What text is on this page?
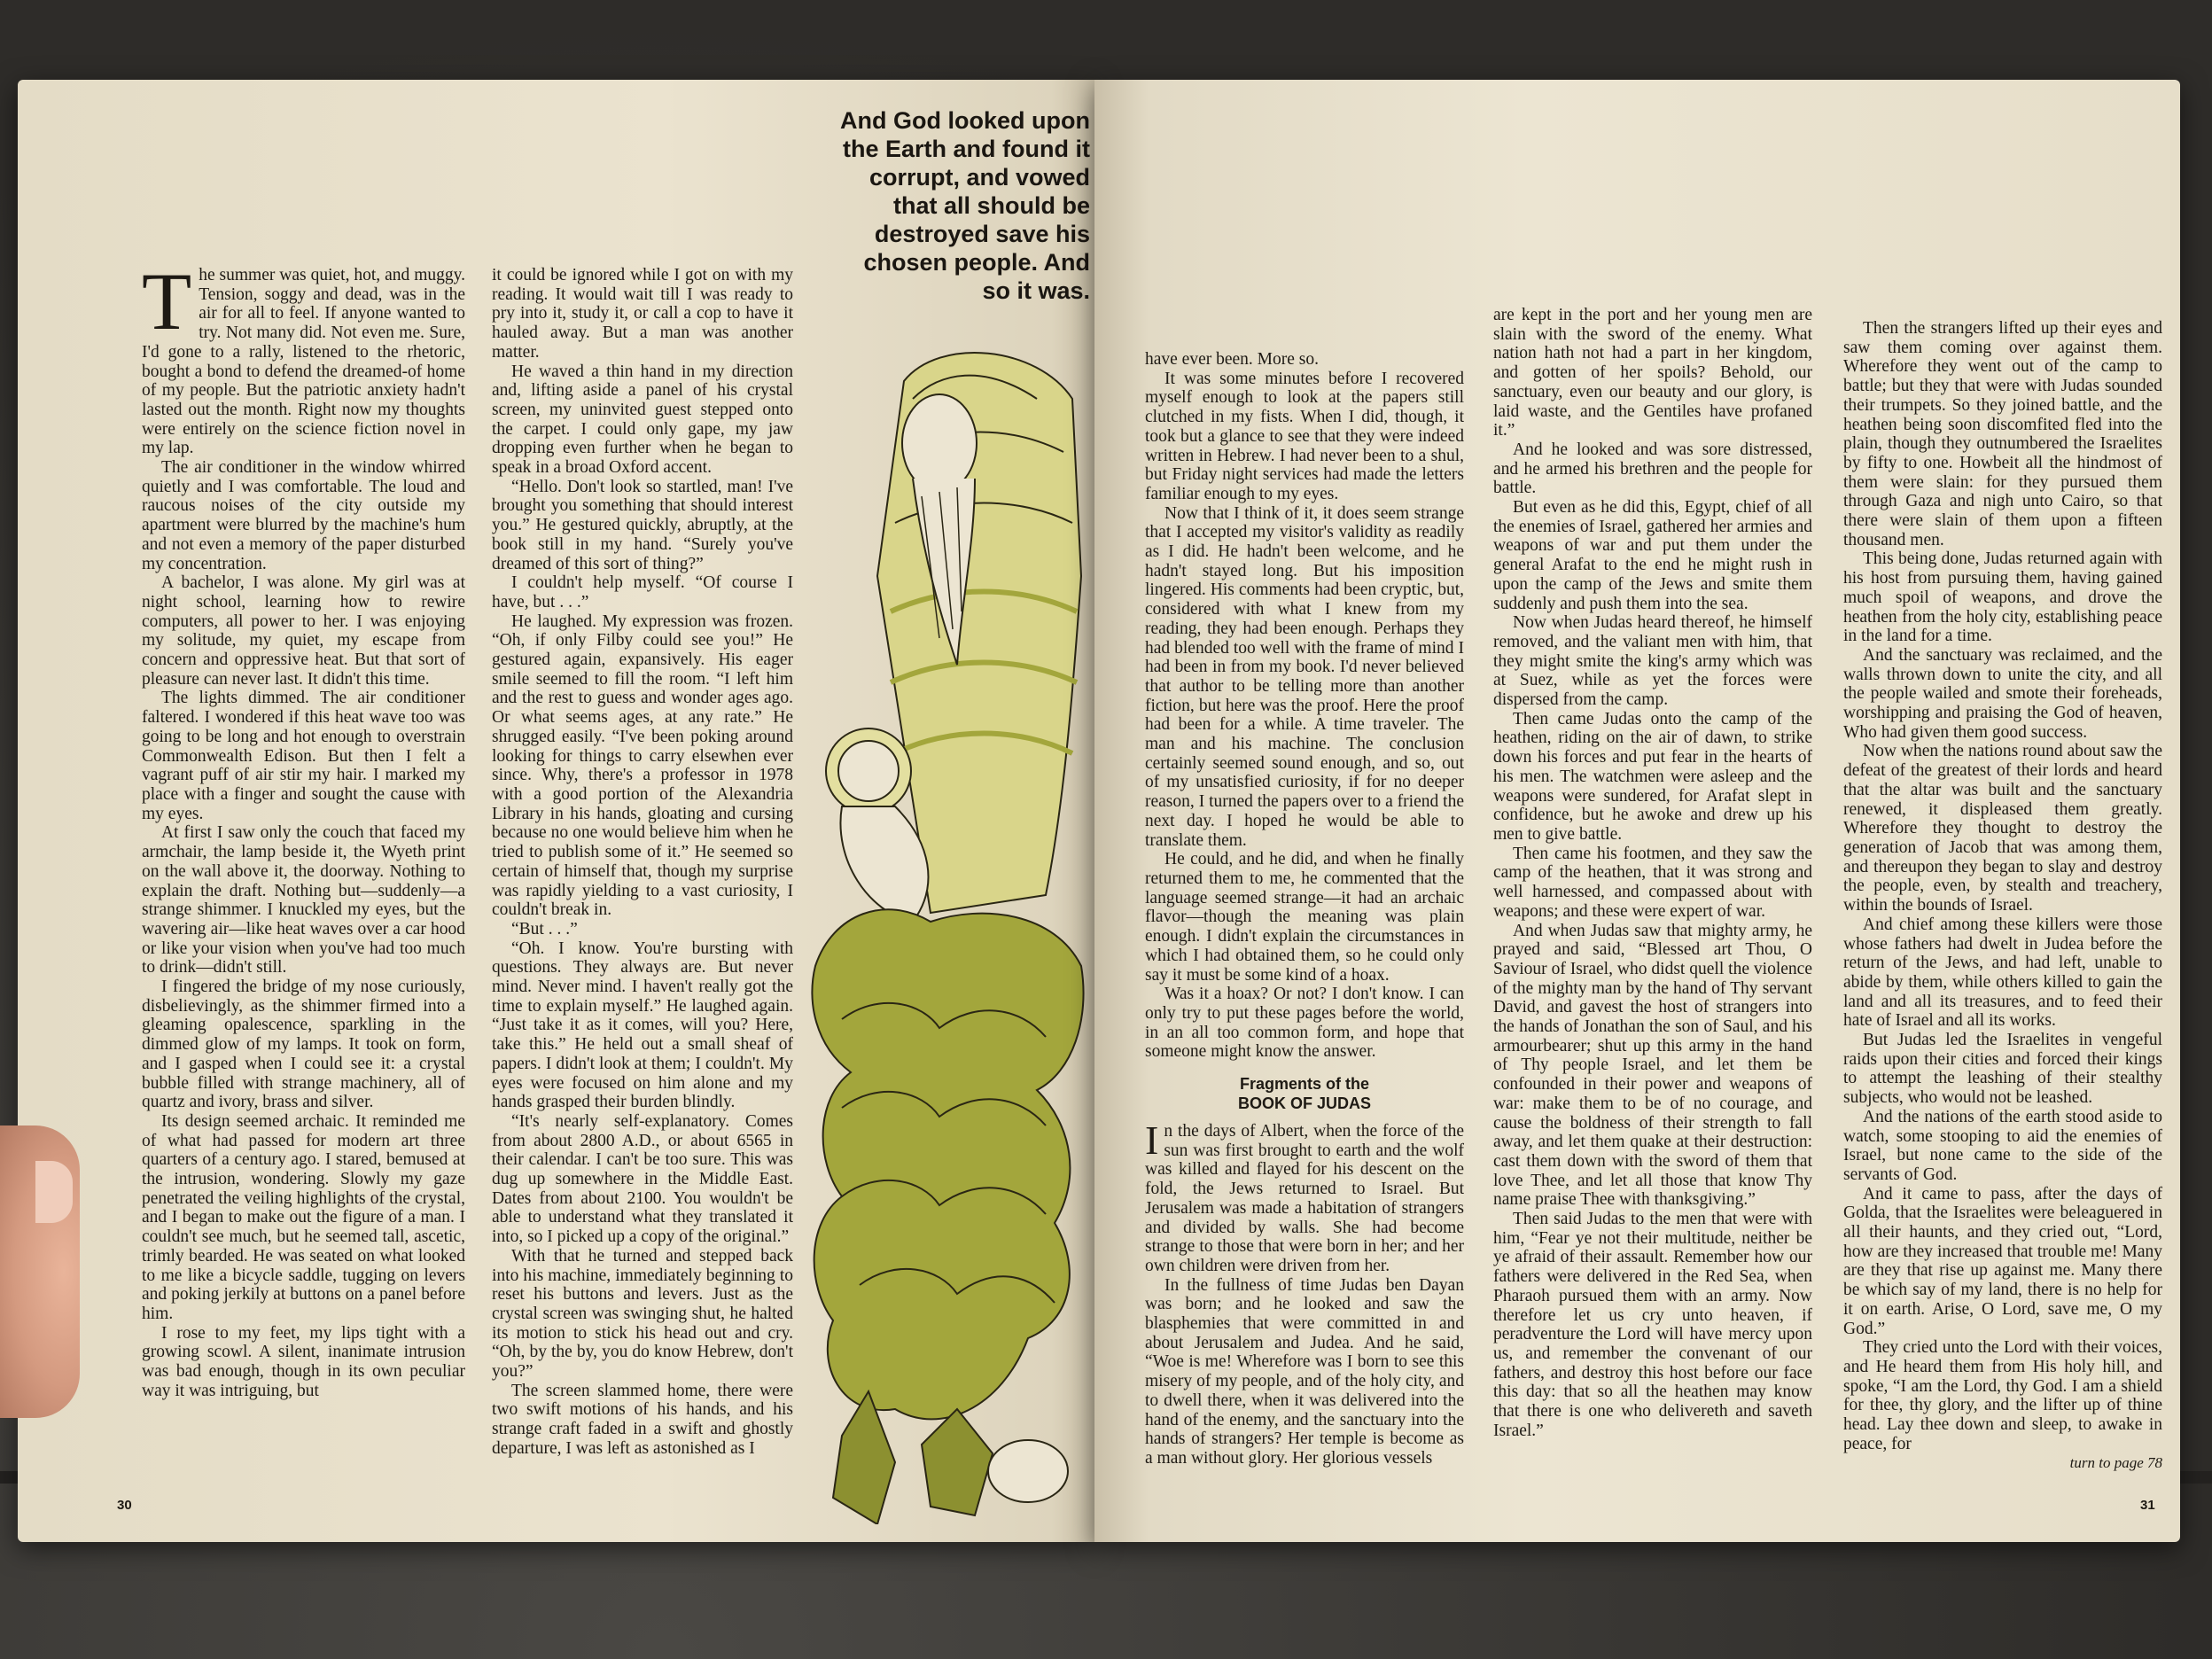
The summer was quiet, hot, and muggy. Tension, soggy and dead, was in the air for all to feel. If anyone wanted to try. Not many did. Not even me. Sure, I'd gone to a rally, listened to the rhetoric, bought a bond to defend the dreamed-of home of my people. But the patriotic anxiety hadn't lasted out the month. Right now my thoughts were entirely on the science fiction novel in my lap.

The air conditioner in the window whirred quietly and I was comfortable. The loud and raucous noises of the city outside my apartment were blurred by the machine's hum and not even a memory of the paper disturbed my concentration.

A bachelor, I was alone. My girl was at night school, learning how to rewire computers, all power to her. I was enjoying my solitude, my quiet, my escape from concern and oppressive heat. But that sort of pleasure can never last. It didn't this time.

The lights dimmed. The air conditioner faltered. I wondered if this heat wave too was going to be long and hot enough to overstrain Commonwealth Edison. But then I felt a vagrant puff of air stir my hair. I marked my place with a finger and sought the cause with my eyes.

At first I saw only the couch that faced my armchair, the lamp beside it, the Wyeth print on the wall above it, the doorway. Nothing to explain the draft. Nothing but—suddenly—a strange shimmer. I knuckled my eyes, but the wavering air—like heat waves over a car hood or like your vision when you've had too much to drink—didn't still.

I fingered the bridge of my nose curiously, disbelievingly, as the shimmer firmed into a gleaming opalescence, sparkling in the dimmed glow of my lamps. It took on form, and I gasped when I could see it: a crystal bubble filled with strange machinery, all of quartz and ivory, brass and silver.

Its design seemed archaic. It reminded me of what had passed for modern art three quarters of a century ago. I stared, bemused at the intrusion, wondering. Slowly my gaze penetrated the veiling highlights of the crystal, and I began to make out the figure of a man. I couldn't see much, but he seemed tall, ascetic, trimly bearded. He was seated on what looked to me like a bicycle saddle, tugging on levers and poking jerkily at buttons on a panel before him.

I rose to my feet, my lips tight with a growing scowl. A silent, inanimate intrusion was bad enough, though in its own peculiar way it was intriguing, but

it could be ignored while I got on with my reading. It would wait till I was ready to pry into it, study it, or call a cop to have it hauled away. But a man was another matter.

He waved a thin hand in my direction and, lifting aside a panel of his crystal screen, my uninvited guest stepped onto the carpet. I could only gape, my jaw dropping even further when he began to speak in a broad Oxford accent.

“Hello. Don't look so startled, man! I've brought you something that should interest you.” He gestured quickly, abruptly, at the book still in my hand. “Surely you've dreamed of this sort of thing?”

I couldn't help myself. “Of course I have, but . . .”

He laughed. My expression was frozen. “Oh, if only Filby could see you!” He gestured again, expansively. His eager smile seemed to fill the room. “I left him and the rest to guess and wonder ages ago. Or what seems ages, at any rate.” He shrugged easily. “I've been poking around looking for things to carry elsewhen ever since. Why, there's a professor in 1978 with a good portion of the Alexandria Library in his hands, gloating and cursing because no one would believe him when he tried to publish some of it.” He seemed so certain of himself that, though my surprise was rapidly yielding to a vast curiosity, I couldn't break in.

“But . . .”

“Oh. I know. You're bursting with questions. They always are. But never mind. Never mind. I haven't really got the time to explain myself.” He laughed again. “Just take it as it comes, will you? Here, take this.” He held out a small sheaf of papers. I didn't look at them; I couldn't. My eyes were focused on him alone and my hands grasped their burden blindly.

“It's nearly self-explanatory. Comes from about 2800 A.D., or about 6565 in their calendar. I can't be too sure. This was dug up somewhere in the Middle East. Dates from about 2100. You wouldn't be able to understand what they translated it into, so I picked up a copy of the original.”

With that he turned and stepped back into his machine, immediately beginning to reset his buttons and levers. Just as the crystal screen was swinging shut, he halted its motion to stick his head out and cry. “Oh, by the by, you do know Hebrew, don't you?”

The screen slammed home, there were two swift motions of his hands, and his strange craft faded in a swift and ghostly departure, I was left as astonished as I

And God looked upon the Earth and found it corrupt, and vowed that all should be destroyed save his chosen people. And so it was.
30

have ever been. More so.

It was some minutes before I recovered myself enough to look at the papers still clutched in my fists. When I did, though, it took but a glance to see that they were indeed written in Hebrew. I had never been to a shul, but Friday night services had made the letters familiar enough to my eyes.

Now that I think of it, it does seem strange that I accepted my visitor's validity as readily as I did. He hadn't been welcome, and he hadn't stayed long. But his imposition lingered. His comments had been cryptic, but, considered with what I knew from my reading, they had been enough. Perhaps they had blended too well with the frame of mind I had been in from my book. I'd never believed that author to be telling more than another fiction, but here was the proof. Here the proof had been for a while. A time traveler. The man and his machine. The conclusion certainly seemed sound enough, and so, out of my unsatisfied curiosity, if for no deeper reason, I turned the papers over to a friend the next day. I hoped he would be able to translate them.

He could, and he did, and when he finally returned them to me, he commented that the language seemed strange—it had an archaic flavor—though the meaning was plain enough. I didn't explain the circumstances in which I had obtained them, so he could only say it must be some kind of a hoax.

Was it a hoax? Or not? I don't know. I can only try to put these pages before the world, in an all too common form, and hope that someone might know the answer.

Fragments of the
BOOK OF JUDAS

In the days of Albert, when the force of the sun was first brought to earth and the wolf was killed and flayed for his descent on the fold, the Jews returned to Israel. But Jerusalem was made a habitation of strangers and divided by walls. She had become strange to those that were born in her; and her own children were driven from her.

In the fullness of time Judas ben Dayan was born; and he looked and saw the blasphemies that were committed in and about Jerusalem and Judea. And he said, “Woe is me! Wherefore was I born to see this misery of my people, and of the holy city, and to dwell there, when it was delivered into the hand of the enemy, and the sanctuary into the hands of strangers? Her temple is become as a man without glory. Her glorious vessels

are kept in the port and her young men are slain with the sword of the enemy. What nation hath not had a part in her kingdom, and gotten of her spoils? Behold, our sanctuary, even our beauty and our glory, is laid waste, and the Gentiles have profaned it.”

And he looked and was sore distressed, and he armed his brethren and the people for battle.

But even as he did this, Egypt, chief of all the enemies of Israel, gathered her armies and weapons of war and put them under the general Arafat to the end he might rush in upon the camp of the Jews and smite them suddenly and push them into the sea.

Now when Judas heard thereof, he himself removed, and the valiant men with him, that they might smite the king's army which was at Suez, while as yet the forces were dispersed from the camp.

Then came Judas onto the camp of the heathen, riding on the air of dawn, to strike down his forces and put fear in the hearts of his men. The watchmen were asleep and the weapons were sundered, for Arafat slept in confidence, but he awoke and drew up his men to give battle.

Then came his footmen, and they saw the camp of the heathen, that it was strong and well harnessed, and compassed about with weapons; and these were expert of war.

And when Judas saw that mighty army, he prayed and said, “Blessed art Thou, O Saviour of Israel, who didst quell the violence of the mighty man by the hand of Thy servant David, and gavest the host of strangers into the hands of Jonathan the son of Saul, and his armourbearer; shut up this army in the hand of Thy people Israel, and let them be confounded in their power and weapons of war: make them to be of no courage, and cause the boldness of their strength to fall away, and let them quake at their destruction: cast them down with the sword of them that love Thee, and let all those that know Thy name praise Thee with thanksgiving.”

Then said Judas to the men that were with him, “Fear ye not their multitude, neither be ye afraid of their assault. Remember how our fathers were delivered in the Red Sea, when Pharaoh pursued them with an army. Now therefore let us cry unto heaven, if peradventure the Lord will have mercy upon us, and remember the convenant of our fathers, and destroy this host before our face this day: that so all the heathen may know that there is one who delivereth and saveth Israel.”

Then the strangers lifted up their eyes and saw them coming over against them. Wherefore they went out of the camp to battle; but they that were with Judas sounded their trumpets. So they joined battle, and the heathen being soon discomfited fled into the plain, though they outnumbered the Israelites by fifty to one. Howbeit all the hindmost of them were slain: for they pursued them through Gaza and nigh unto Cairo, so that there were slain of them upon a fifteen thousand men.

This being done, Judas returned again with his host from pursuing them, having gained much spoil of weapons, and drove the heathen from the holy city, establishing peace in the land for a time.

And the sanctuary was reclaimed, and the walls thrown down to unite the city, and all the people wailed and smote their foreheads, worshipping and praising the God of heaven, Who had given them good success.

Now when the nations round about saw the defeat of the greatest of their lords and heard that the altar was built and the sanctuary renewed, it displeased them greatly. Wherefore they thought to destroy the generation of Jacob that was among them, and thereupon they began to slay and destroy the people, even, by stealth and treachery, within the bounds of Israel.

And chief among these killers were those whose fathers had dwelt in Judea before the return of the Jews, and had left, unable to abide by them, while others killed to gain the land and all its treasures, and to feed their hate of Israel and all its works.

But Judas led the Israelites in vengeful raids upon their cities and forced their kings to attempt the leashing of their stealthy subjects, who would not be leashed.

And the nations of the earth stood aside to watch, some stooping to aid the enemies of Israel, but none came to the side of the servants of God.

And it came to pass, after the days of Golda, that the Israelites were beleaguered in all their haunts, and they cried out, “Lord, how are they increased that trouble me! Many are they that rise up against me. Many there be which say of my land, there is no help for it on earth. Arise, O Lord, save me, O my God.”

They cried unto the Lord with their voices, and He heard them from His holy hill, and spoke, “I am the Lord, thy God. I am a shield for thee, thy glory, and the lifter up of thine head. Lay thee down and sleep, to awake in peace, for

turn to page 78

31
